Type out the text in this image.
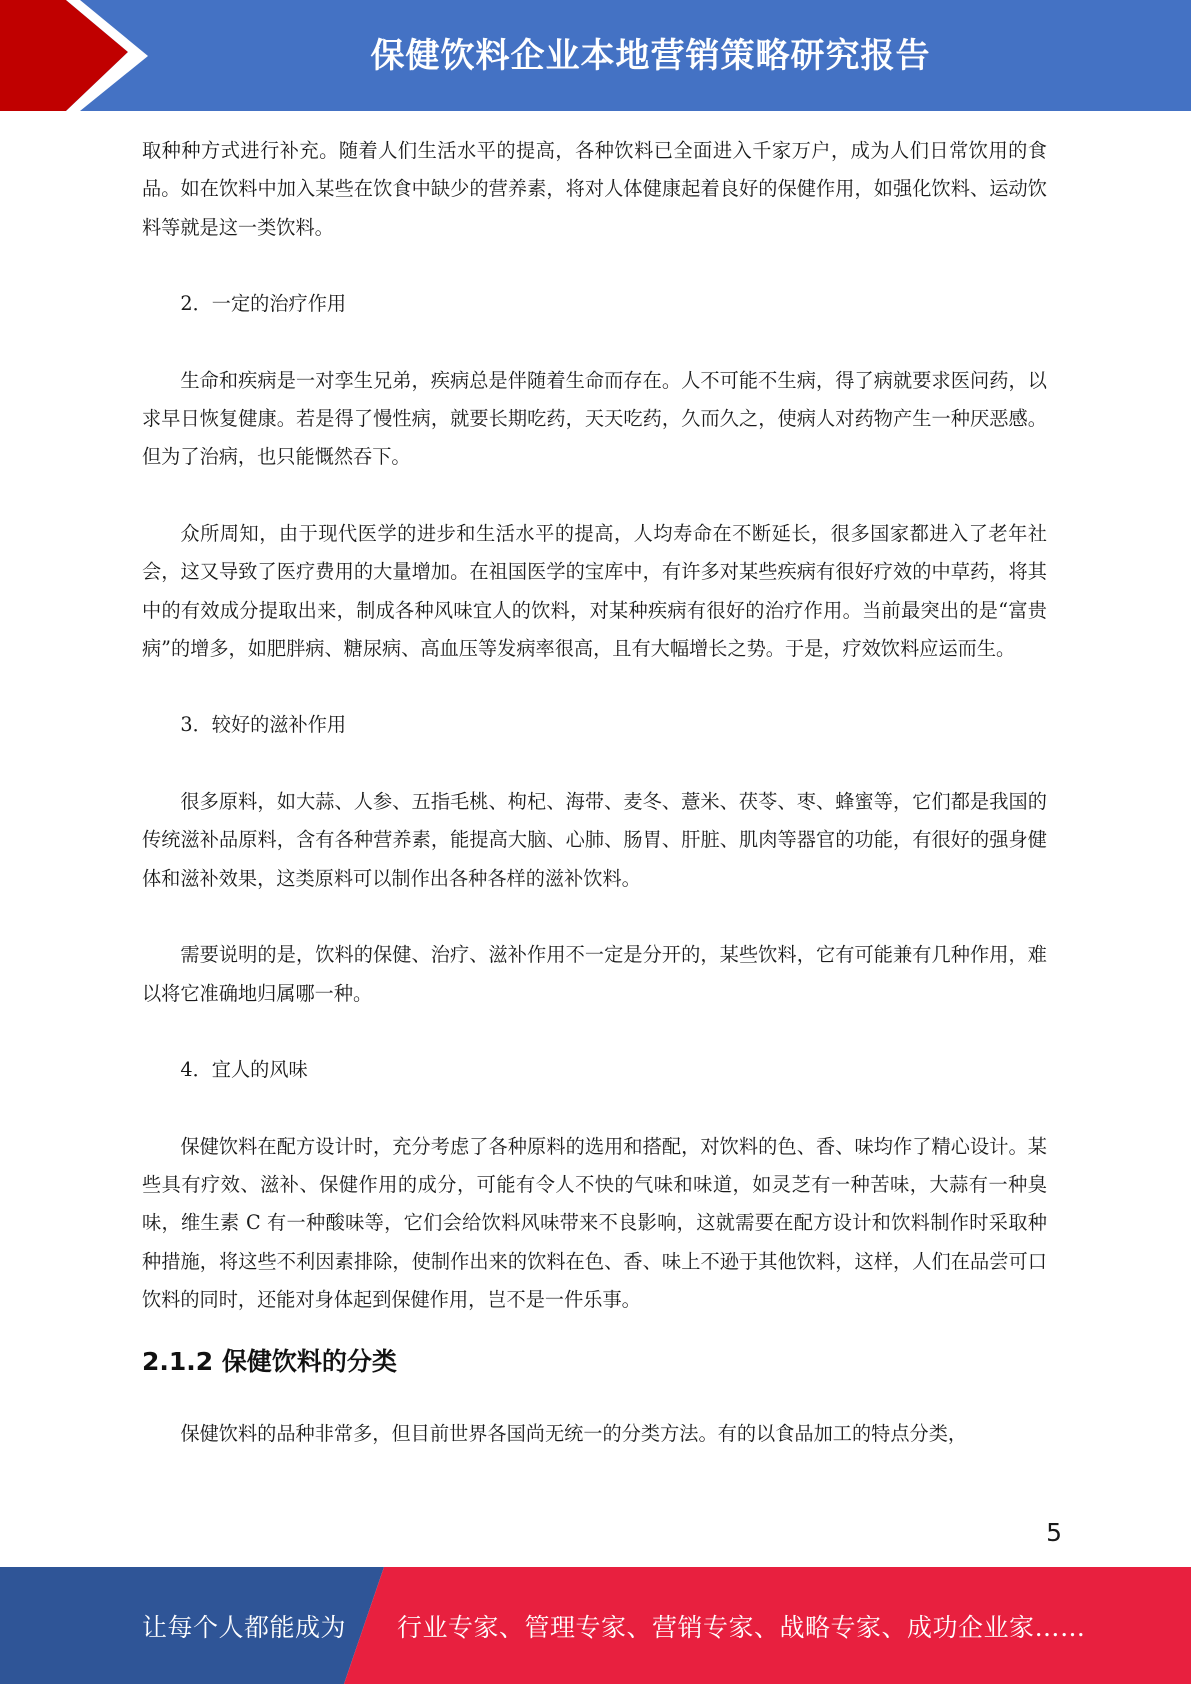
保健饮料企业本地营销策略研究报告

取种种方式进行补充。随着人们生活水平的提高，各种饮料已全面进入千家万户，成为人们日常饮用的食品。如在饮料中加入某些在饮食中缺少的营养素，将对人体健康起着良好的保健作用，如强化饮料、运动饮料等就是这一类饮料。

2．一定的治疗作用

生命和疾病是一对孪生兄弟，疾病总是伴随着生命而存在。人不可能不生病，得了病就要求医问药，以求早日恢复健康。若是得了慢性病，就要长期吃药，天天吃药，久而久之，使病人对药物产生一种厌恶感。但为了治病，也只能慨然吞下。

众所周知，由于现代医学的进步和生活水平的提高，人均寿命在不断延长，很多国家都进入了老年社会，这又导致了医疗费用的大量增加。在祖国医学的宝库中，有许多对某些疾病有很好疗效的中草药，将其中的有效成分提取出来，制成各种风味宜人的饮料，对某种疾病有很好的治疗作用。当前最突出的是“富贵病”的增多，如肥胖病、糖尿病、高血压等发病率很高，且有大幅增长之势。于是，疗效饮料应运而生。

3．较好的滋补作用

很多原料，如大蒜、人参、五指毛桃、枸杞、海带、麦冬、薏米、茯苓、枣、蜂蜜等，它们都是我国的传统滋补品原料，含有各种营养素，能提高大脑、心肺、肠胃、肝脏、肌肉等器官的功能，有很好的强身健体和滋补效果，这类原料可以制作出各种各样的滋补饮料。

需要说明的是，饮料的保健、治疗、滋补作用不一定是分开的，某些饮料，它有可能兼有几种作用，难以将它准确地归属哪一种。

4．宜人的风味

保健饮料在配方设计时，充分考虑了各种原料的选用和搭配，对饮料的色、香、味均作了精心设计。某些具有疗效、滋补、保健作用的成分，可能有令人不快的气味和味道，如灵芝有一种苦味，大蒜有一种臭味，维生素 C 有一种酸味等，它们会给饮料风味带来不良影响，这就需要在配方设计和饮料制作时采取种种措施，将这些不利因素排除，使制作出来的饮料在色、香、味上不逊于其他饮料，这样，人们在品尝可口饮料的同时，还能对身体起到保健作用，岂不是一件乐事。

2.1.2 保健饮料的分类

保健饮料的品种非常多，但目前世界各国尚无统一的分类方法。有的以食品加工的特点分类，

5
让每个人都能成为 行业专家、管理专家、营销专家、战略专家、成功企业家……
